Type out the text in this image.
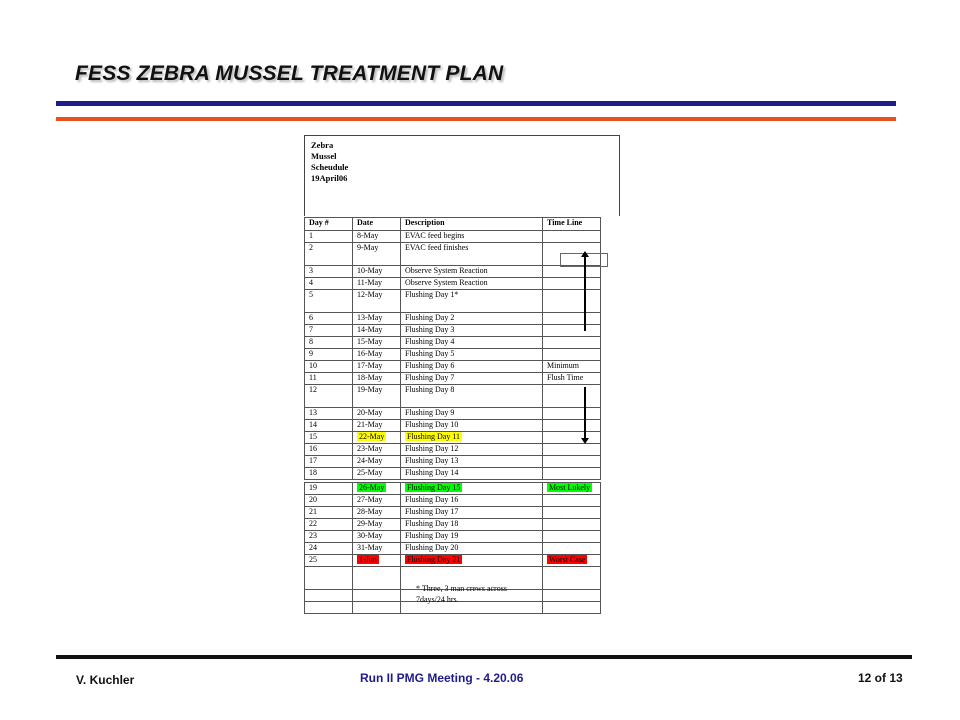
FESS ZEBRA MUSSEL TREATMENT PLAN
Zebra
Mussel
Scheudule
19April06
Day #	Date	Description	Time Line
1	8-May	EVAC feed begins	
2	9-May	EVAC feed finishes	
3	10-May	Observe System Reaction	
4	11-May	Observe System Reaction	
5	12-May	Flushing Day 1*	
6	13-May	Flushing Day 2	
7	14-May	Flushing Day 3	
8	15-May	Flushing Day 4	
9	16-May	Flushing Day 5	
10	17-May	Flushing Day 6	Minimum
11	18-May	Flushing Day 7	Flush Time
12	19-May	Flushing Day 8	
13	20-May	Flushing Day 9	
14	21-May	Flushing Day 10	
15	22-May	Flushing Day 11	
16	23-May	Flushing Day 12	
17	24-May	Flushing Day 13	
18	25-May	Flushing Day 14	

19	26-May	Flushing Day 15	Most Lukely
20	27-May	Flushing Day 16	
21	28-May	Flushing Day 17	
22	29-May	Flushing Day 18	
23	30-May	Flushing Day 19	
24	31-May	Flushing Day 20	
25	1-Jun	Flushing Day 21	Worst Case

* Three, 3 man crews across
7days/24 hrs.
V. Kuchler	Run II PMG Meeting - 4.20.06	12 of 13
